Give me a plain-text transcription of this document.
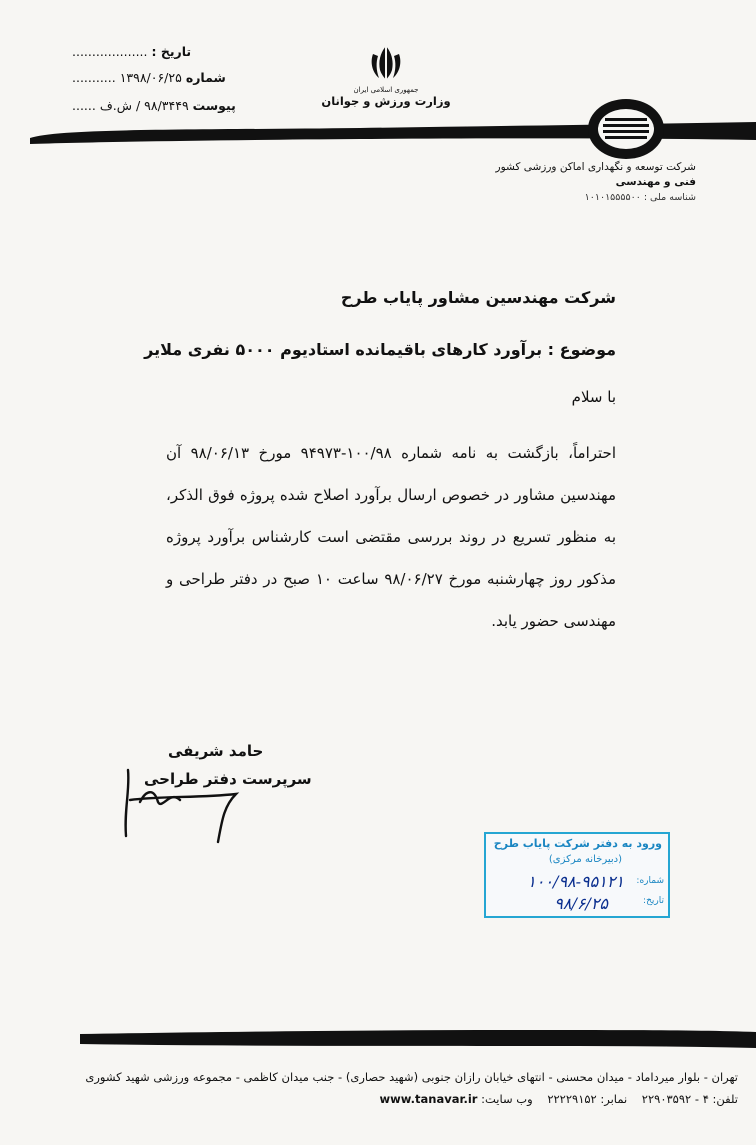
تاریخ : ...................
شماره ۱۳۹۸/۰۶/۲۵ ...........
پیوست ۹۸/۳۴۴۹ / ش.ف ......
جمهوری اسلامی ایران
وزارت ورزش و جوانان
شرکت توسعه و نگهداری اماکن ورزشی کشور
فنی و مهندسی
شناسه ملی : ۱۰۱۰۱۵۵۵۵۰۰
شرکت مهندسین مشاور پایاب طرح
موضوع : برآورد کارهای باقیمانده استادیوم ۵۰۰۰ نفری ملایر
با سلام
احتراماً، بازگشت به نامه شماره ۱۰۰/۹۸-۹۴۹۷۳ مورخ ۹۸/۰۶/۱۳ آن مهندسین مشاور در خصوص ارسال برآورد اصلاح شده پروژه فوق الذکر، به منظور تسریع در روند بررسی مقتضی است کارشناس برآورد پروژه مذکور روز چهارشنبه مورخ ۹۸/۰۶/۲۷ ساعت ۱۰ صبح در دفتر طراحی و مهندسی حضور یابد.
حامد شریفی
سرپرست دفتر طراحی
ورود به دفتر شرکت پایاب طرح
(دبیرخانه مرکزی)
شماره:
۱۰۰/۹۸-۹۵۱۲۱
تاریخ:
۹۸/۶/۲۵
تهران - بلوار میرداماد - میدان محسنی - انتهای خیابان رازان جنوبی (شهید حصاری) - جنب میدان کاظمی - مجموعه ورزشی شهید کشوری
تلفن: ۴ - ۲۲۹۰۳۵۹۲    نمابر: ۲۲۲۲۹۱۵۲    وب سایت: www.tanavar.ir
